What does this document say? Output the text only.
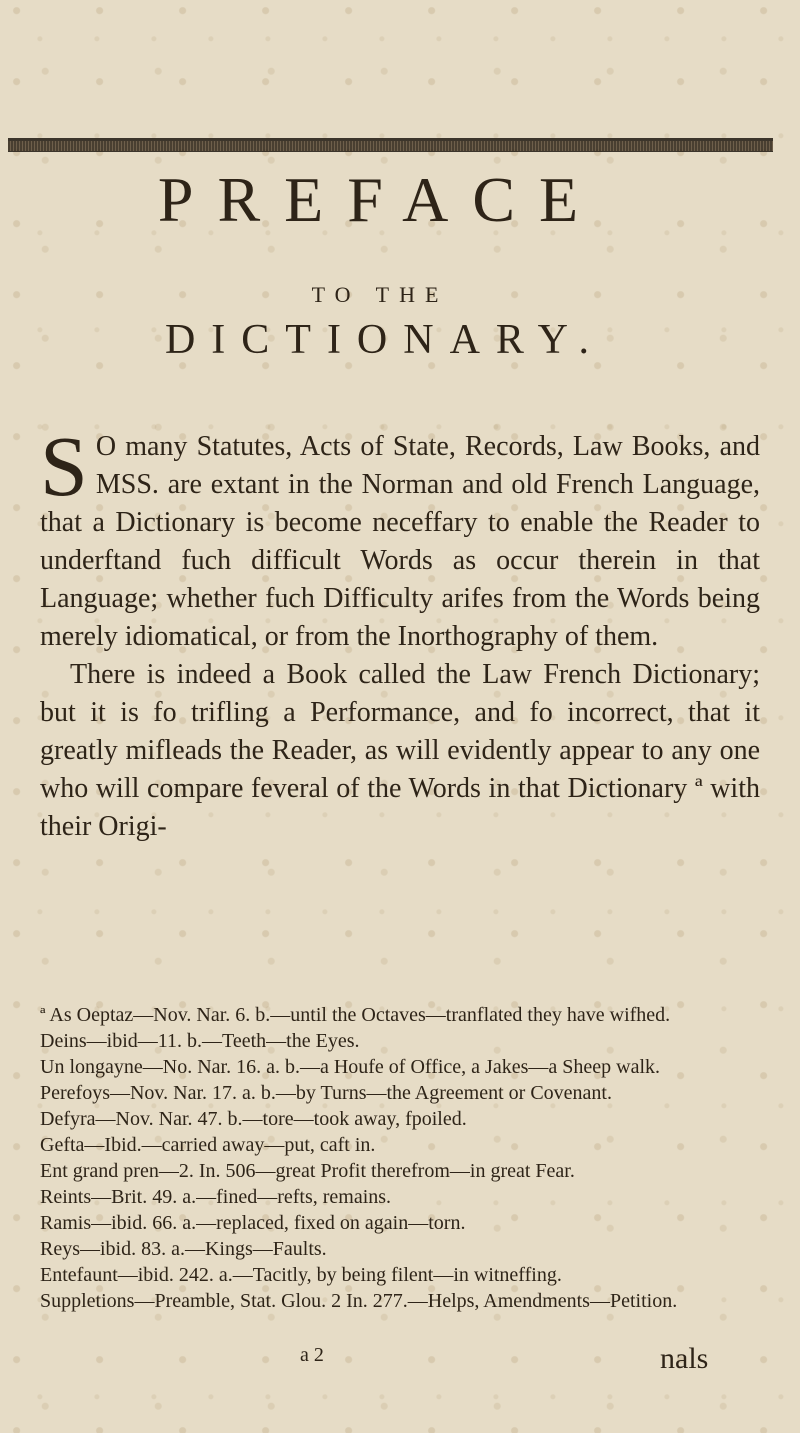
PREFACE
TO THE
DICTIONARY.

S O many Statutes, Acts of State, Records, Law Books, and MSS. are extant in the Norman and old French Language, that a Dictionary is become neceffary to enable the Reader to underftand fuch difficult Words as occur therein in that Language; whether fuch Difficulty arifes from the Words being merely idiomatical, or from the Inorthography of them.

There is indeed a Book called the Law French Dictionary; but it is fo trifling a Performance, and fo incorrect, that it greatly mifleads the Reader, as will evidently appear to any one who will compare feveral of the Words in that Dictionary ª with their Origi-

ª As Oeptaz—Nov. Nar. 6. b.—until the Octaves—tranflated they have wifhed.

Deins—ibid—11. b.—Teeth—the Eyes.

Un longayne—No. Nar. 16. a. b.—a Houfe of Office, a Jakes—a Sheep walk.

Perefoys—Nov. Nar. 17. a. b.—by Turns—the Agreement or Covenant.

Defyra—Nov. Nar. 47. b.—tore—took away, fpoiled.

Gefta—Ibid.—carried away—put, caft in.

Ent grand pren—2. In. 506—great Profit therefrom—in great Fear.

Reints—Brit. 49. a.—fined—refts, remains.

Ramis—ibid. 66. a.—replaced, fixed on again—torn.

Reys—ibid. 83. a.—Kings—Faults.

Entefaunt—ibid. 242. a.—Tacitly, by being filent—in witneffing.

Suppletions—Preamble, Stat. Glou. 2 In. 277.—Helps, Amendments—Petition.

a 2	nals
